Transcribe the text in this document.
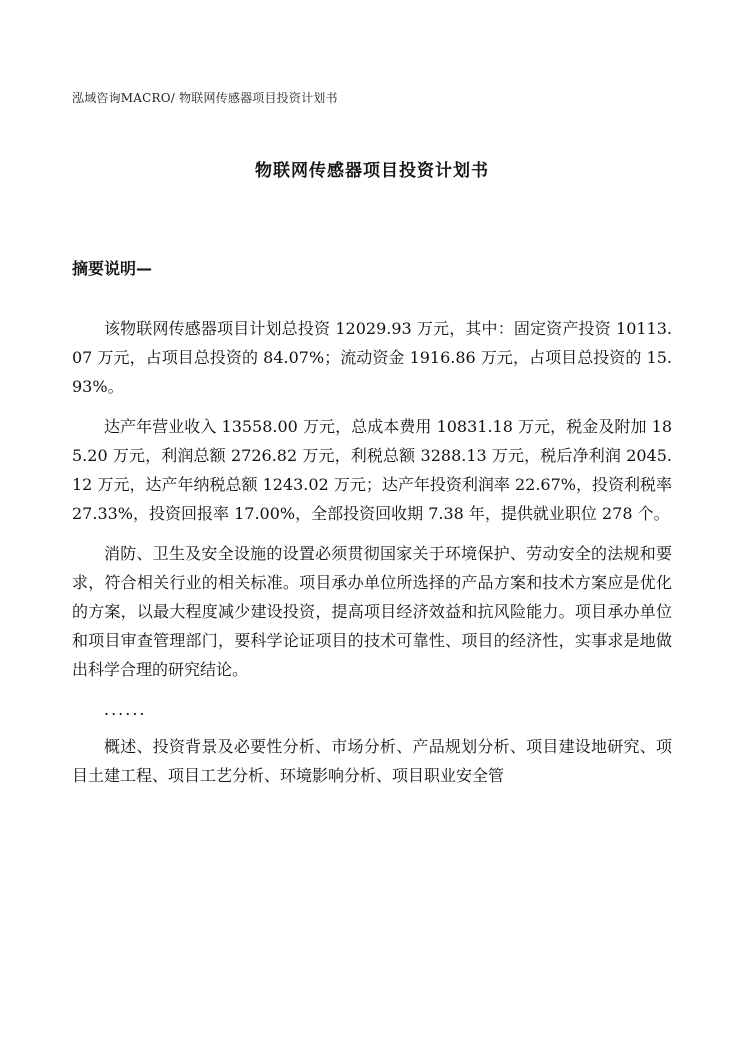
泓域咨询MACRO/ 物联网传感器项目投资计划书
物联网传感器项目投资计划书
摘要说明—

该物联网传感器项目计划总投资 12029.93 万元，其中：固定资产投资 10113.07 万元，占项目总投资的 84.07%；流动资金 1916.86 万元，占项目总投资的 15.93%。

达产年营业收入 13558.00 万元，总成本费用 10831.18 万元，税金及附加 185.20 万元，利润总额 2726.82 万元，利税总额 3288.13 万元，税后净利润 2045.12 万元，达产年纳税总额 1243.02 万元；达产年投资利润率 22.67%，投资利税率 27.33%，投资回报率 17.00%，全部投资回收期 7.38 年，提供就业职位 278 个。

消防、卫生及安全设施的设置必须贯彻国家关于环境保护、劳动安全的法规和要求，符合相关行业的相关标准。项目承办单位所选择的产品方案和技术方案应是优化的方案，以最大程度减少建设投资，提高项目经济效益和抗风险能力。项目承办单位和项目审查管理部门，要科学论证项目的技术可靠性、项目的经济性，实事求是地做出科学合理的研究结论。

......

概述、投资背景及必要性分析、市场分析、产品规划分析、项目建设地研究、项目土建工程、项目工艺分析、环境影响分析、项目职业安全管
